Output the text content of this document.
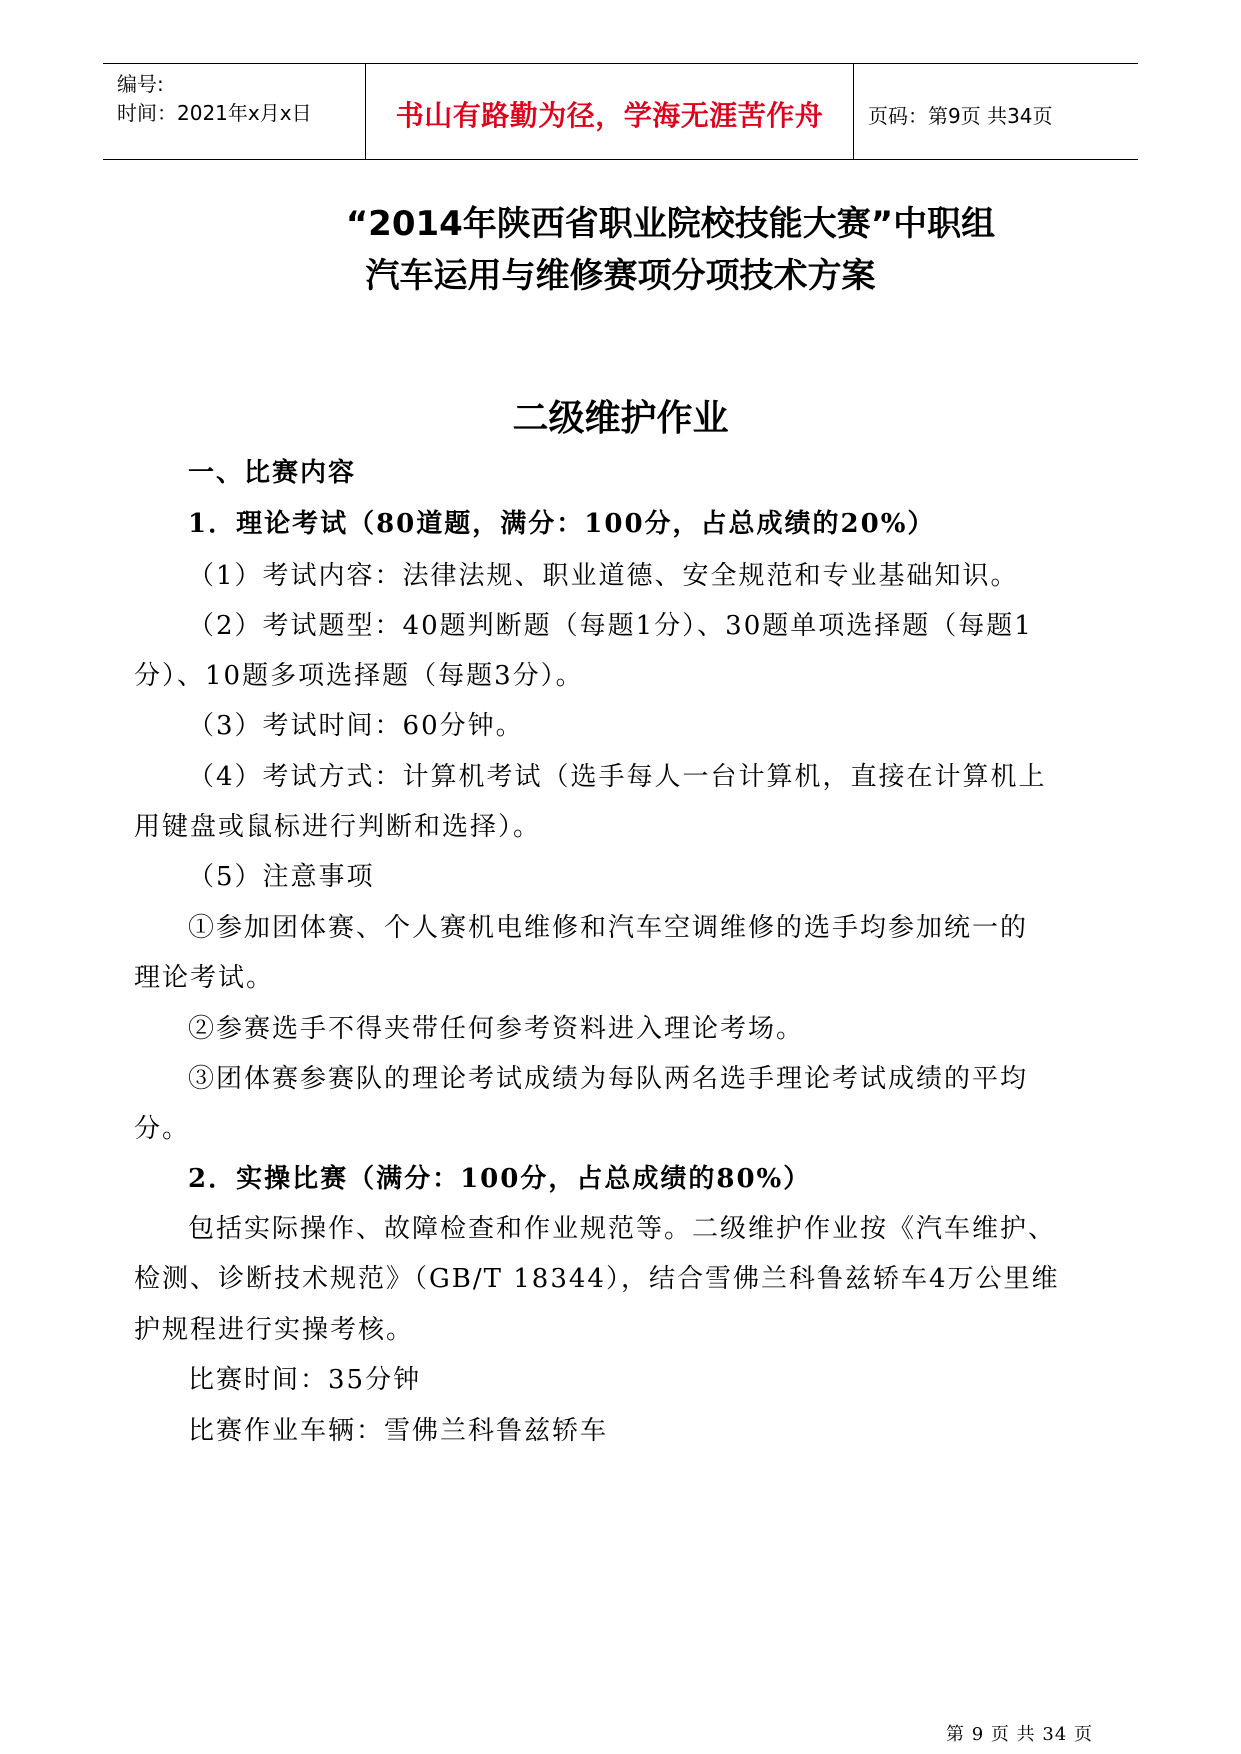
编号:
时间：2021年x月x日	书山有路勤为径，学海无涯苦作舟	页码：第9页 共34页
“2014年陕西省职业院校技能大赛”中职组
汽车运用与维修赛项分项技术方案
二级维护作业
一、比赛内容
1．理论考试（80道题，满分：100分，占总成绩的20%）
（1）考试内容：法律法规、职业道德、安全规范和专业基础知识。
（2）考试题型：40题判断题（每题1分）、30题单项选择题（每题1
分）、10题多项选择题（每题3分）。
（3）考试时间：60分钟。
（4）考试方式：计算机考试（选手每人一台计算机，直接在计算机上
用键盘或鼠标进行判断和选择）。
（5）注意事项
①参加团体赛、个人赛机电维修和汽车空调维修的选手均参加统一的
理论考试。
②参赛选手不得夹带任何参考资料进入理论考场。
③团体赛参赛队的理论考试成绩为每队两名选手理论考试成绩的平均
分。
2．实操比赛（满分：100分，占总成绩的80%）
包括实际操作、故障检查和作业规范等。二级维护作业按《汽车维护、
检测、诊断技术规范》（GB/T 18344），结合雪佛兰科鲁兹轿车4万公里维
护规程进行实操考核。
比赛时间：35分钟
比赛作业车辆：雪佛兰科鲁兹轿车
第 9 页 共 34 页
